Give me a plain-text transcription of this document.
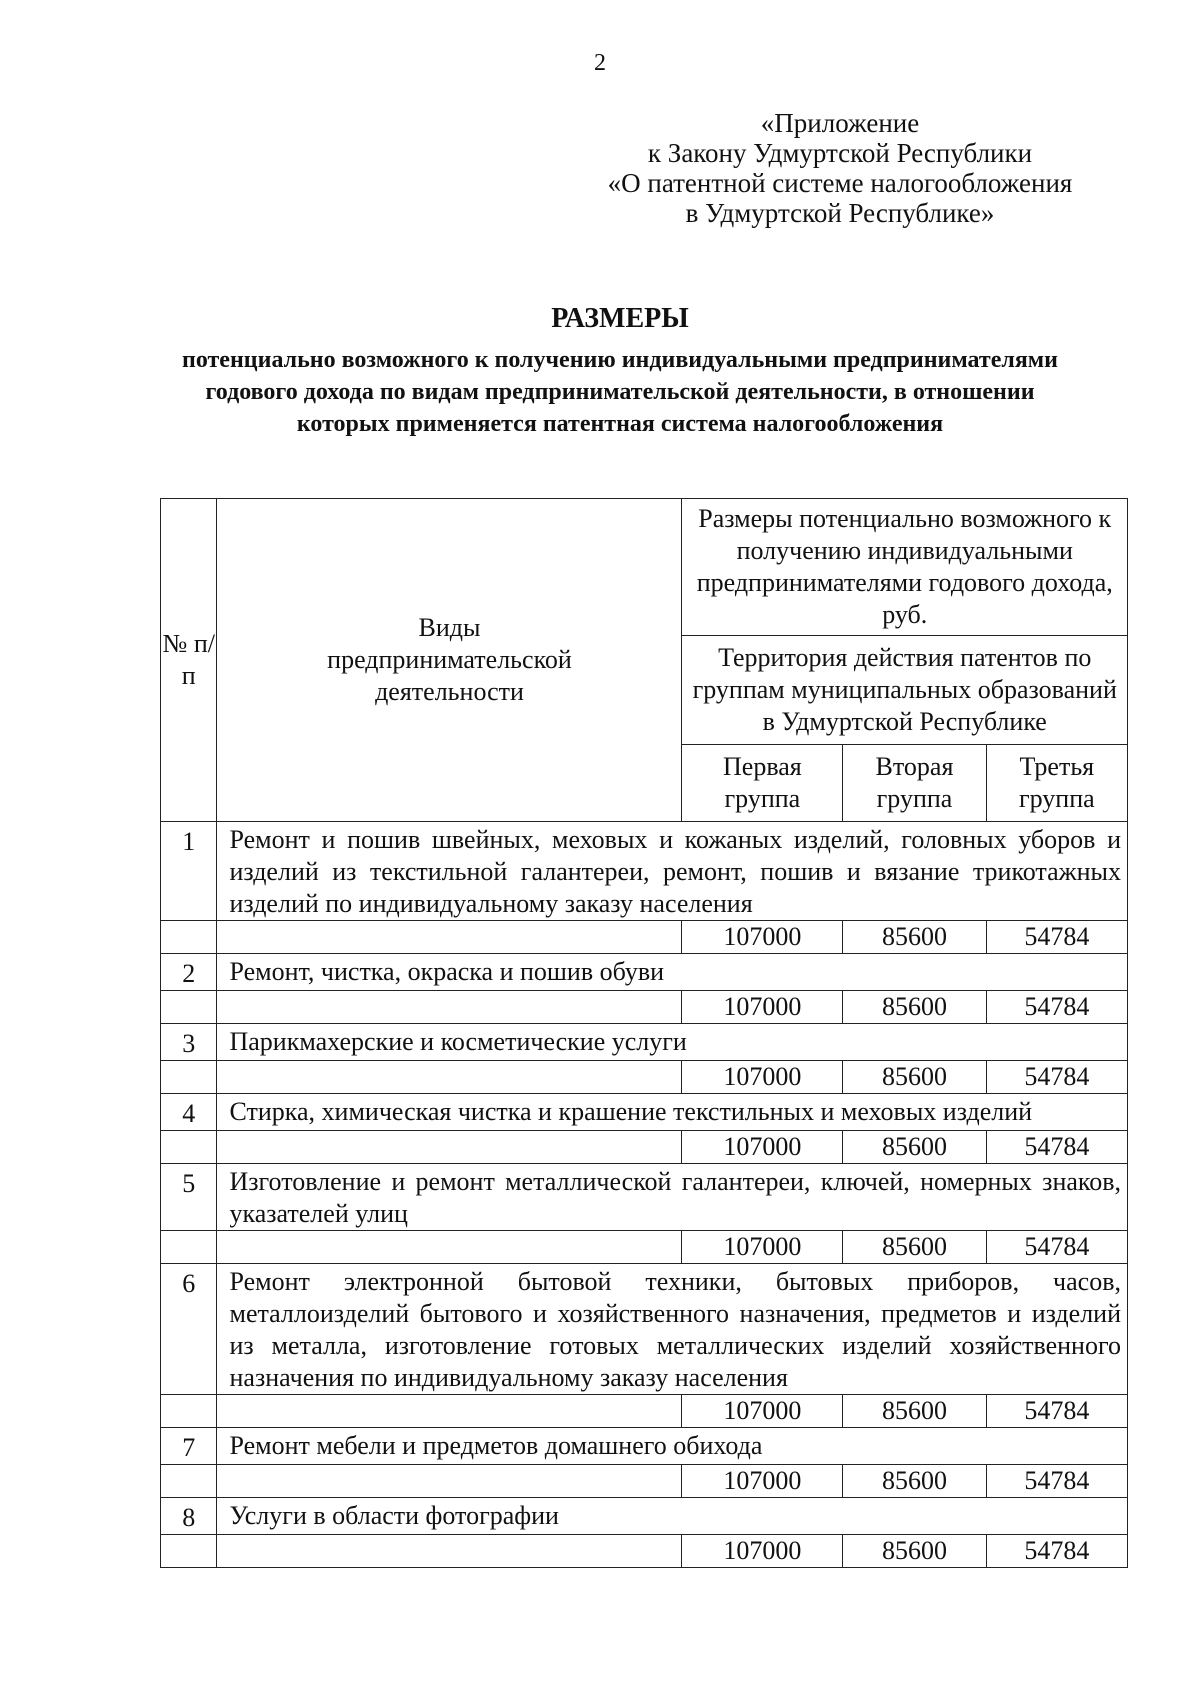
2
«Приложение
к Закону Удмуртской Республики
«О патентной системе налогообложения
в Удмуртской Республике»
РАЗМЕРЫ
потенциально возможного к получению индивидуальными предпринимателями годового дохода по видам предпринимательской деятельности, в отношении которых применяется патентная система налогообложения
№ п/п	Виды предпринимательской деятельности	Размеры потенциально возможного к получению индивидуальными предпринимателями годового дохода, руб.		
		Территория действия патентов по группам муниципальных образований в Удмуртской Республике		
		Первая группа	Вторая группа	Третья группа
1	Ремонт и пошив швейных, меховых и кожаных изделий, головных уборов и изделий из текстильной галантереи, ремонт, пошив и вязание трикотажных изделий по индивидуальному заказу населения			
		107000	85600	54784
2	Ремонт, чистка, окраска и пошив обуви			
		107000	85600	54784
3	Парикмахерские и косметические услуги			
		107000	85600	54784
4	Стирка, химическая чистка и крашение текстильных и меховых изделий			
		107000	85600	54784
5	Изготовление и ремонт металлической галантереи, ключей, номерных знаков, указателей улиц			
		107000	85600	54784
6	Ремонт электронной бытовой техники, бытовых приборов, часов, металлоизделий бытового и хозяйственного назначения, предметов и изделий из металла, изготовление готовых металлических изделий хозяйственного назначения по индивидуальному заказу населения			
		107000	85600	54784
7	Ремонт мебели и предметов домашнего обихода			
		107000	85600	54784
8	Услуги в области фотографии			
		107000	85600	54784
